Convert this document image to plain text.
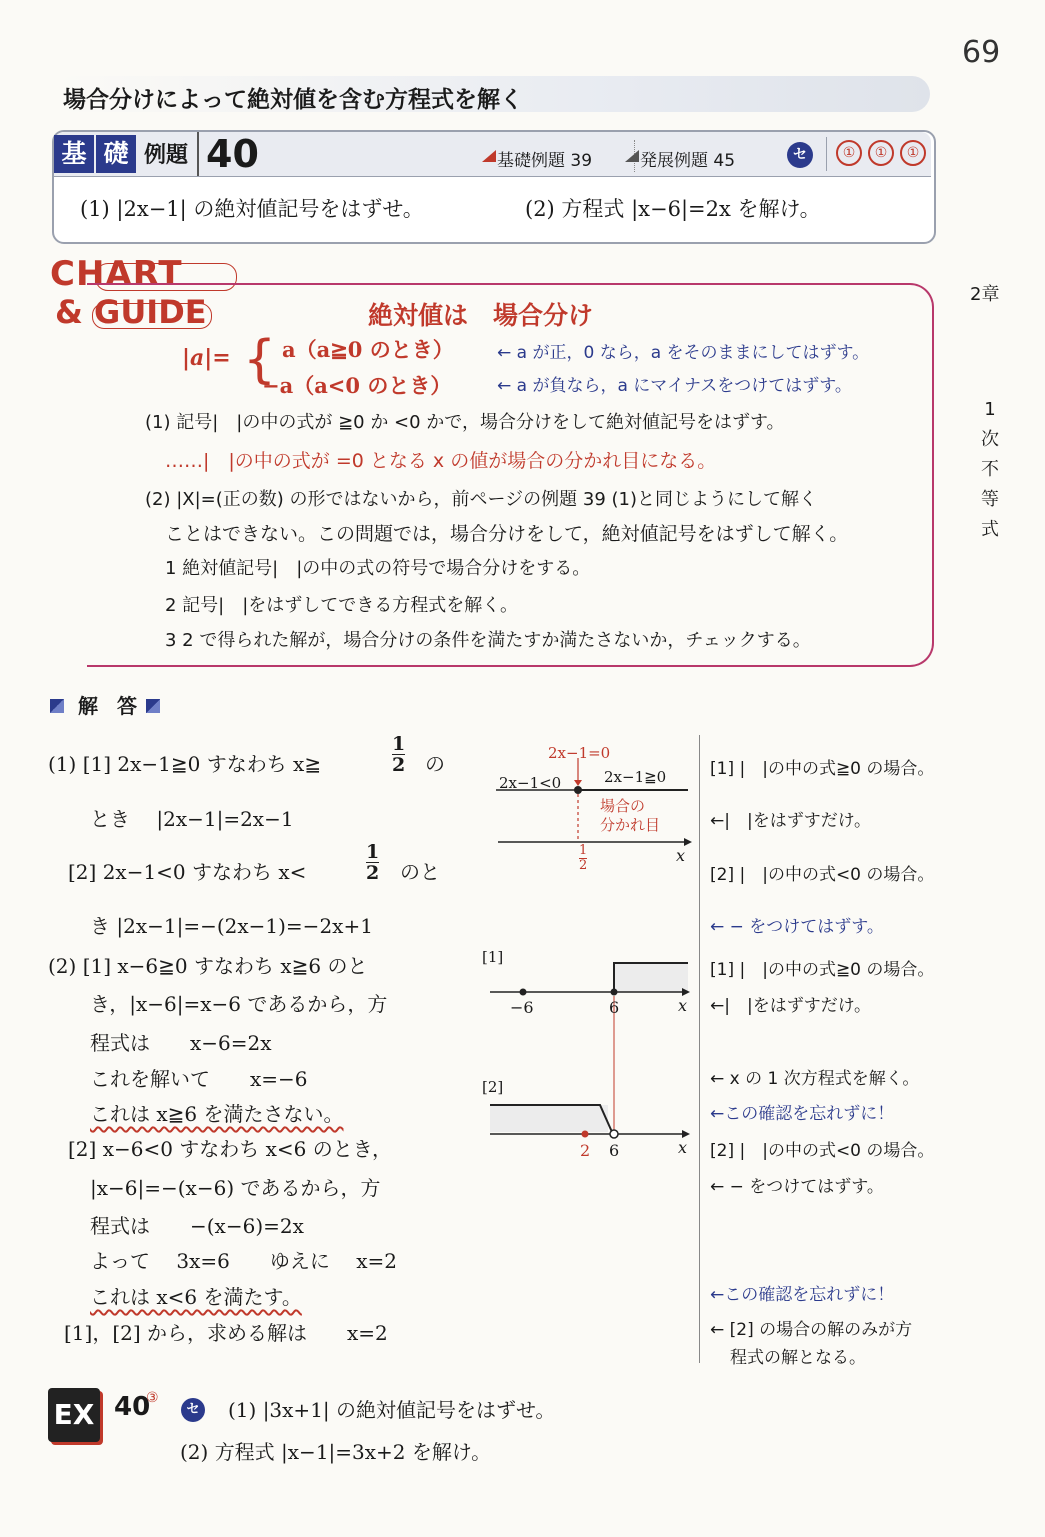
69
場合分けによって絶対値を含む方程式を解く
基 礎 例題 40	基礎例題 39	発展例題 45	セ	①	①	①
(1) |2x−1| の絶対値記号をはずせ。	(2) 方程式 |x−6|=2x を解け。
CHART
& GUIDE	絶対値は　場合分け
|a|= { a（a≧0 のとき）
−a（a<0 のとき）
← a が正，0 なら，a をそのままにしてはずす。
← a が負なら，a にマイナスをつけてはずす。
(1) 記号|　|の中の式が ≧0 か <0 かで，場合分けをして絶対値記号をはずす。
……|　|の中の式が =0 となる x の値が場合の分かれ目になる。
(2) |X|=(正の数) の形ではないから，前ページの例題 39 (1)と同じようにして解く
ことはできない。この問題では，場合分けをして，絶対値記号をはずして解く。
1 絶対値記号|　|の中の式の符号で場合分けをする。
2 記号|　|をはずしてできる方程式を解く。
3 2 で得られた解が，場合分けの条件を満たすか満たさないか，チェックする。
2章
1
次
不
等
式
解 答
(1) [1] 2x−1≧0 すなわち x≧	$\frac{1}{2}$ の
とき　 |2x−1|=2x−1
[2] 2x−1<0 すなわち x<	$\frac{1}{2}$ のと
き |2x−1|=−(2x−1)=−2x+1
(2) [1] x−6≧0 すなわち x≧6 のと
き，|x−6|=x−6 であるから，方
程式は　　x−6=2x
これを解いて　　x=−6
これは x≧6 を満たさない。
[2] x−6<0 すなわち x<6 のとき，
|x−6|=−(x−6) であるから，方
程式は　　−(x−6)=2x
よって　 3x=6　　ゆえに　 x=2
これは x<6 を満たす。
[1]，[2] から，求める解は　　x=2
2x−1=0
2x−1<0	2x−1≧0
場合の
分かれ目
$\frac{1}{2}$	x
[1]
−6	6	x
[2]
2 6	x
[1] |　|の中の式≧0 の場合。
←|　|をはずすだけ。
[2] |　|の中の式<0 の場合。
← − をつけてはずす。
[1] |　|の中の式≧0 の場合。
←|　|をはずすだけ。
← x の 1 次方程式を解く。
←この確認を忘れずに！
[2] |　|の中の式<0 の場合。
← − をつけてはずす。
←この確認を忘れずに！
← [2] の場合の解のみが方
程式の解となる。
EX 40
③
セ (1) |3x+1| の絶対値記号をはずせ。
(2) 方程式 |x−1|=3x+2 を解け。
